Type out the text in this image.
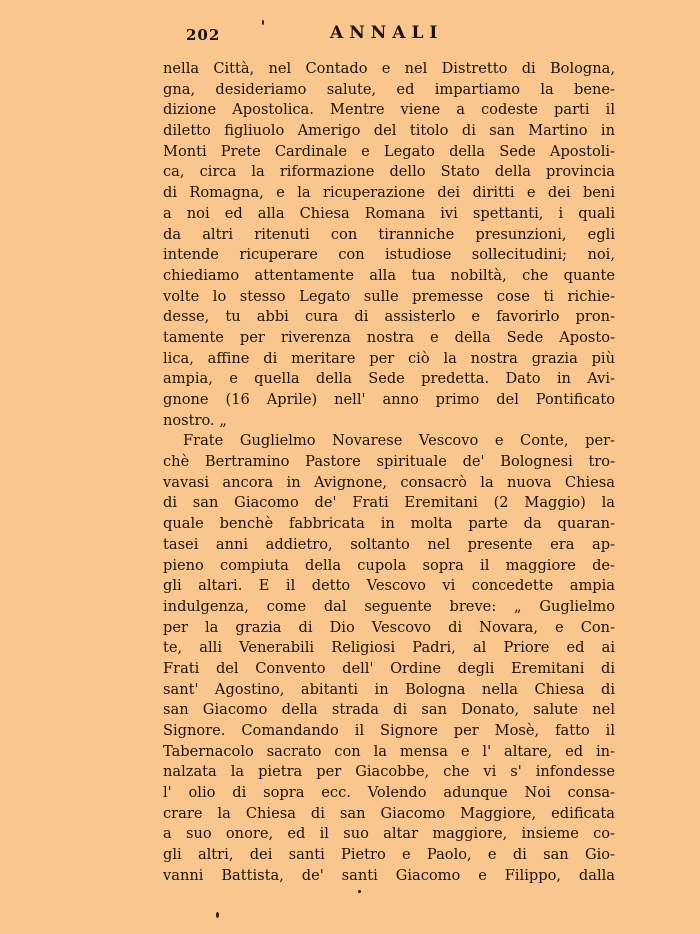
202	ANNALI
nella Città, nel Contado e nel Distretto di Bologna,
gna, desideriamo salute, ed impartiamo la bene-
dizione Apostolica. Mentre viene a codeste parti il
diletto figliuolo Amerigo del titolo di san Martino in
Monti Prete Cardinale e Legato della Sede Apostoli-
ca, circa la riformazione dello Stato della provincia
di Romagna, e la ricuperazione dei diritti e dei beni
a noi ed alla Chiesa Romana ivi spettanti, i quali
da altri ritenuti con tiranniche presunzioni, egli
intende ricuperare con istudiose sollecitudini; noi,
chiediamo attentamente alla tua nobiltà, che quante
volte lo stesso Legato sulle premesse cose ti richie-
desse, tu abbi cura di assisterlo e favorirlo pron-
tamente per riverenza nostra e della Sede Aposto-
lica, affine di meritare per ciò la nostra grazia più
ampia, e quella della Sede predetta. Dato in Avi-
gnone (16 Aprile) nell' anno primo del Pontificato
nostro. „
Frate Guglielmo Novarese Vescovo e Conte, per-
chè Bertramino Pastore spirituale de' Bolognesi tro-
vavasi ancora in Avignone, consacrò la nuova Chiesa
di san Giacomo de' Frati Eremitani (2 Maggio) la
quale benchè fabbricata in molta parte da quaran-
tasei anni addietro, soltanto nel presente era ap-
pieno compiuta della cupola sopra il maggiore de-
gli altari. E il detto Vescovo vi concedette ampia
indulgenza, come dal seguente breve: „ Guglielmo
per la grazia di Dio Vescovo di Novara, e Con-
te, alli Venerabili Religiosi Padri, al Priore ed ai
Frati del Convento dell' Ordine degli Eremitani di
sant' Agostino, abitanti in Bologna nella Chiesa di
san Giacomo della strada di san Donato, salute nel
Signore. Comandando il Signore per Mosè, fatto il
Tabernacolo sacrato con la mensa e l' altare, ed in-
nalzata la pietra per Giacobbe, che vi s' infondesse
l' olio di sopra ecc. Volendo adunque Noi consa-
crare la Chiesa di san Giacomo Maggiore, edificata
a suo onore, ed il suo altar maggiore, insieme co-
gli altri, dei santi Pietro e Paolo, e di san Gio-
vanni Battista, de' santi Giacomo e Filippo, dalla
